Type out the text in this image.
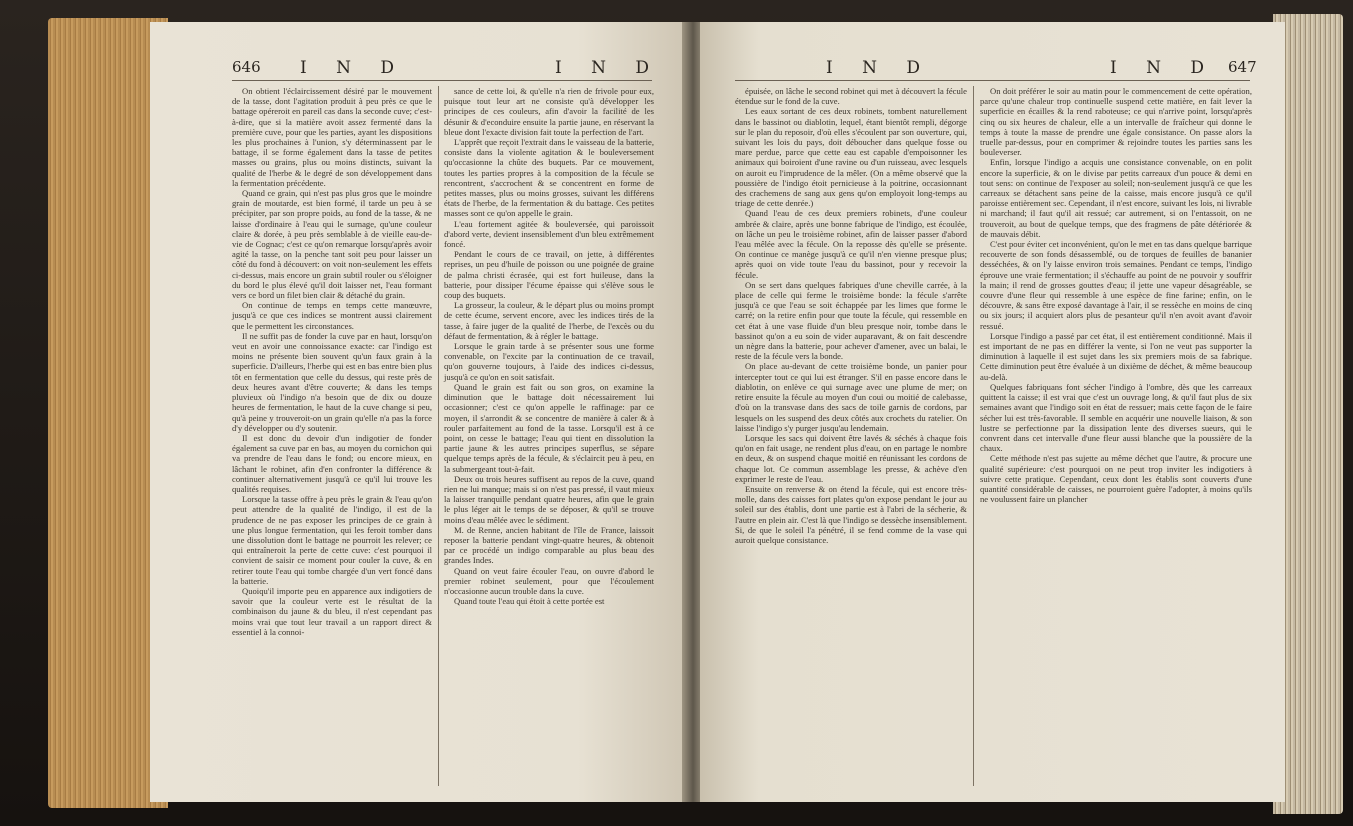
646 I N D	I N D

On obtient l'éclaircissement désiré par le mouvement de la tasse, dont l'agitation produit à peu près ce que le battage opéreroit en pareil cas dans la seconde cuve; c'est-à-dire, que si la matière avoit assez fermenté dans la première cuve, pour que les parties, ayant les dispositions les plus prochaines à l'union, s'y déterminassent par le battage, il se forme également dans la tasse de petites masses ou grains, plus ou moins distincts, suivant la qualité de l'herbe & le degré de son développement dans la fermentation précédente.

Quand ce grain, qui n'est pas plus gros que le moindre grain de moutarde, est bien formé, il tarde un peu à se précipiter, par son propre poids, au fond de la tasse, & ne laisse d'ordinaire à l'eau qui le surnage, qu'une couleur claire & dorée, à peu près semblable à de vieille eau-de-vie de Cognac; c'est ce qu'on remarque lorsqu'après avoir agité la tasse, on la penche tant soit peu pour laisser un côté du fond à découvert: on voit non-seulement les effets ci-dessus, mais encore un grain subtil rouler ou s'éloigner du bord le plus élevé qu'il doit laisser net, l'eau formant vers ce bord un filet bien clair & détaché du grain.

On continue de temps en temps cette manœuvre, jusqu'à ce que ces indices se montrent aussi clairement que le permettent les circonstances.

Il ne suffit pas de fonder la cuve par en haut, lorsqu'on veut en avoir une connoissance exacte: car l'indigo est moins ne présente bien souvent qu'un faux grain à la superficie. D'ailleurs, l'herbe qui est en bas entre bien plus tôt en fermentation que celle du dessus, qui reste près de deux heures avant d'être couverte; & dans les temps pluvieux où l'indigo n'a besoin que de dix ou douze heures de fermentation, le haut de la cuve change si peu, qu'à peine y trouveroit-on un grain qu'elle n'a pas la force d'y développer ou d'y soutenir.

Il est donc du devoir d'un indigotier de fonder également sa cuve par en bas, au moyen du cornichon qui va prendre de l'eau dans le fond; ou encore mieux, en lâchant le robinet, afin d'en confronter la différence & continuer alternativement jusqu'à ce qu'il lui trouve les qualités requises.

Lorsque la tasse offre à peu près le grain & l'eau qu'on peut attendre de la qualité de l'indigo, il est de la prudence de ne pas exposer les principes de ce grain à une plus longue fermentation, qui les feroit tomber dans une dissolution dont le battage ne pourroit les relever; ce qui entraîneroit la perte de cette cuve: c'est pourquoi il convient de saisir ce moment pour couler la cuve, & en retirer toute l'eau qui tombe chargée d'un vert foncé dans la batterie.

Quoiqu'il importe peu en apparence aux indigotiers de savoir que la couleur verte est le résultat de la combinaison du jaune & du bleu, il n'est cependant pas moins vrai que tout leur travail a un rapport direct & essentiel à la connoi-

sance de cette loi, & qu'elle n'a rien de frivole pour eux, puisque tout leur art ne consiste qu'à développer les principes de ces couleurs, afin d'avoir la facilité de les désunir & d'econduire ensuite la partie jaune, en réservant la bleue dont l'exacte division fait toute la perfection de l'art.

L'apprêt que reçoit l'extrait dans le vaisseau de la batterie, consiste dans la violente agitation & le bouleversement qu'occasionne la chûte des buquets. Par ce mouvement, toutes les parties propres à la composition de la fécule se rencontrent, s'accrochent & se concentrent en forme de petites masses, plus ou moins grosses, suivant les différens états de l'herbe, de la fermentation & du battage. Ces petites masses sont ce qu'on appelle le grain.

L'eau fortement agitée & bouleversée, qui paroissoit d'abord verte, devient insensiblement d'un bleu extrêmement foncé.

Pendant le cours de ce travail, on jette, à différentes reprises, un peu d'huile de poisson ou une poignée de graine de palma christi écrasée, qui est fort huileuse, dans la batterie, pour dissiper l'écume épaisse qui s'élève sous le coup des buquets.

La grosseur, la couleur, & le départ plus ou moins prompt de cette écume, servent encore, avec les indices tirés de la tasse, à faire juger de la qualité de l'herbe, de l'excès ou du défaut de fermentation, & à régler le battage.

Lorsque le grain tarde à se présenter sous une forme convenable, on l'excite par la continuation de ce travail, qu'on gouverne toujours, à l'aide des indices ci-dessus, jusqu'à ce qu'on en soit satisfait.

Quand le grain est fait ou son gros, on examine la diminution que le battage doit nécessairement lui occasionner; c'est ce qu'on appelle le raffinage: par ce moyen, il s'arrondit & se concentre de manière à caler & à rouler parfaitement au fond de la tasse. Lorsqu'il est à ce point, on cesse le battage; l'eau qui tient en dissolution la partie jaune & les autres principes superflus, se sépare quelque temps après de la fécule, & s'éclaircit peu à peu, en la submergeant tout-à-fait.

Deux ou trois heures suffisent au repos de la cuve, quand rien ne lui manque; mais si on n'est pas pressé, il vaut mieux la laisser tranquille pendant quatre heures, afin que le grain le plus léger ait le temps de se déposer, & qu'il se trouve moins d'eau mêlée avec le sédiment.

M. de Renne, ancien habitant de l'île de France, laissoit reposer la batterie pendant vingt-quatre heures, & obtenoit par ce procédé un indigo comparable au plus beau des grandes Indes.

Quand on veut faire écouler l'eau, on ouvre d'abord le premier robinet seulement, pour que l'écoulement n'occasionne aucun trouble dans la cuve.

Quand toute l'eau qui étoit à cette portée est

I N D	I N D 647

épuisée, on lâche le second robinet qui met à découvert la fécule étendue sur le fond de la cuve.

Les eaux sortant de ces deux robinets, tombent naturellement dans le bassinot ou diablotin, lequel, étant bientôt rempli, dégorge sur le plan du reposoir, d'où elles s'écoulent par son ouverture, qui, suivant les lois du pays, doit déboucher dans quelque fosse ou mare perdue, parce que cette eau est capable d'empoisonner les animaux qui boiroient d'une ravine ou d'un ruisseau, avec lesquels on auroit eu l'imprudence de la mêler. (On a même observé que la poussière de l'indigo étoit pernicieuse à la poitrine, occasionnant des crachemens de sang aux gens qu'on employoit long-temps au triage de cette denrée.)

Quand l'eau de ces deux premiers robinets, d'une couleur ambrée & claire, après une bonne fabrique de l'indigo, est écoulée, on lâche un peu le troisième robinet, afin de laisser passer d'abord l'eau mêlée avec la fécule. On la reposse dès qu'elle se présente. On continue ce manège jusqu'à ce qu'il n'en vienne presque plus; après quoi on vide toute l'eau du bassinot, pour y recevoir la fécule.

On se sert dans quelques fabriques d'une cheville carrée, à la place de celle qui ferme le troisième bonde: la fécule s'arrête jusqu'à ce que l'eau se soit échappée par les limes que forme le carré; on la retire enfin pour que toute la fécule, qui ressemble en cet état à une vase fluide d'un bleu presque noir, tombe dans le bassinot qu'on a eu soin de vider auparavant, & on fait descendre un nègre dans la batterie, pour achever d'amener, avec un balai, le reste de la fécule vers la bonde.

On place au-devant de cette troisième bonde, un panier pour intercepter tout ce qui lui est étranger. S'il en passe encore dans le diablotin, on enlève ce qui surnage avec une plume de mer; on retire ensuite la fécule au moyen d'un coui ou moitié de calebasse, d'où on la transvase dans des sacs de toile garnis de cordons, par lesquels on les suspend des deux côtés aux crochets du ratelier. On laisse l'indigo s'y purger jusqu'au lendemain.

Lorsque les sacs qui doivent être lavés & séchés à chaque fois qu'on en fait usage, ne rendent plus d'eau, on en partage le nombre en deux, & on suspend chaque moitié en réunissant les cordons de chaque lot. Ce commun assemblage les presse, & achève d'en exprimer le reste de l'eau.

Ensuite on renverse & on étend la fécule, qui est encore très-molle, dans des caisses fort plates qu'on expose pendant le jour au soleil sur des établis, dont une partie est à l'abri de la sécherie, & l'autre en plein air. C'est là que l'indigo se dessèche insensiblement. Si, de que le soleil l'a pénétré, il se fend comme de la vase qui auroit quelque consistance.

On doit préférer le soir au matin pour le commencement de cette opération, parce qu'une chaleur trop continuelle suspend cette matière, en fait lever la superficie en écailles & la rend raboteuse; ce qui n'arrive point, lorsqu'après cinq ou six heures de chaleur, elle a un intervalle de fraîcheur qui donne le temps à toute la masse de prendre une égale consistance. On passe alors la truelle par-dessus, pour en comprimer & rejoindre toutes les parties sans les bouleverser.

Enfin, lorsque l'indigo a acquis une consistance convenable, on en polit encore la superficie, & on le divise par petits carreaux d'un pouce & demi en tout sens: on continue de l'exposer au soleil; non-seulement jusqu'à ce que les carreaux se détachent sans peine de la caisse, mais encore jusqu'à ce qu'il paroisse entièrement sec. Cependant, il n'est encore, suivant les lois, ni livrable ni marchand; il faut qu'il ait ressué; car autrement, si on l'entassoit, on ne trouveroit, au bout de quelque temps, que des fragmens de pâte détériorée & de mauvais débit.

C'est pour éviter cet inconvénient, qu'on le met en tas dans quelque barrique recouverte de son fonds désassemblé, ou de torques de feuilles de bananier desséchées, & on l'y laisse environ trois semaines. Pendant ce temps, l'indigo éprouve une vraie fermentation; il s'échauffe au point de ne pouvoir y souffrir la main; il rend de grosses gouttes d'eau; il jette une vapeur désagréable, se couvre d'une fleur qui ressemble à une espèce de fine farine; enfin, on le découvre, & sans être exposé davantage à l'air, il se ressèche en moins de cinq ou six jours; il acquiert alors plus de pesanteur qu'il n'en avoit avant d'avoir ressué.

Lorsque l'indigo a passé par cet état, il est entièrement conditionné. Mais il est important de ne pas en différer la vente, si l'on ne veut pas supporter la diminution à laquelle il est sujet dans les six premiers mois de sa fabrique. Cette diminution peut être évaluée à un dixième de déchet, & même beaucoup au-delà.

Quelques fabriquans font sécher l'indigo à l'ombre, dès que les carreaux quittent la caisse; il est vrai que c'est un ouvrage long, & qu'il faut plus de six semaines avant que l'indigo soit en état de ressuer; mais cette façon de le faire sécher lui est très-favorable. Il semble en acquérir une nouvelle liaison, & son lustre se perfectionne par la dissipation lente des diverses sueurs, qui le convrent dans cet intervalle d'une fleur aussi blanche que la poussière de la chaux.

Cette méthode n'est pas sujette au même déchet que l'autre, & procure une qualité supérieure: c'est pourquoi on ne peut trop inviter les indigotiers à suivre cette pratique. Cependant, ceux dont les établis sont couverts d'une quantité considérable de caisses, ne pourroient guère l'adopter, à moins qu'ils ne voulussent faire un plancher
